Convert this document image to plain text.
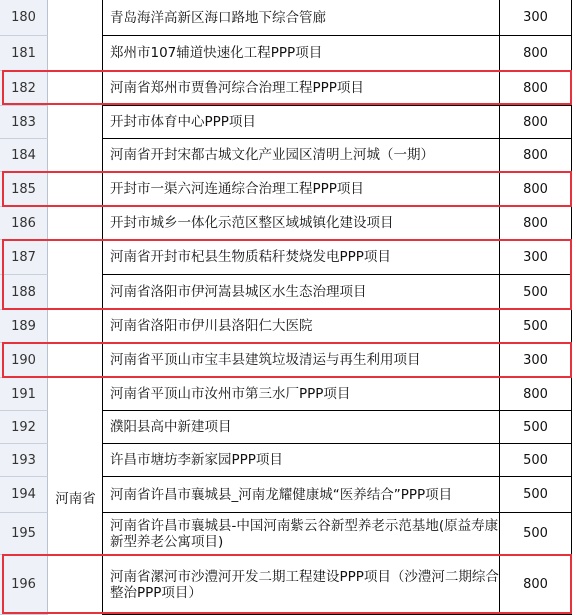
河南省
180	青岛海洋高新区海口路地下综合管廊	300
181	郑州市107辅道快速化工程PPP项目	800
182	河南省郑州市贾鲁河综合治理工程PPP项目	800
183	开封市体育中心PPP项目	800
184	河南省开封宋都古城文化产业园区清明上河城（一期）	800
185	开封市一渠六河连通综合治理工程PPP项目	800
186	开封市城乡一体化示范区整区域城镇化建设项目	800
187	河南省开封市杞县生物质秸秆焚烧发电PPP项目	300
188	河南省洛阳市伊河嵩县城区水生态治理项目	500
189	河南省洛阳市伊川县洛阳仁大医院	500
190	河南省平顶山市宝丰县建筑垃圾清运与再生利用项目	300
191	河南省平顶山市汝州市第三水厂PPP项目	800
192	濮阳县高中新建项目	500
193	许昌市塘坊李新家园PPP项目	500
194	河南省许昌市襄城县_河南龙耀健康城“医养结合”PPP项目	500
195	河南省许昌市襄城县-中国河南紫云谷新型养老示范基地(原益寿康新型养老公寓项目)	500
196	河南省漯河市沙澧河开发二期工程建设PPP项目（沙澧河二期综合整治PPP项目）	800
